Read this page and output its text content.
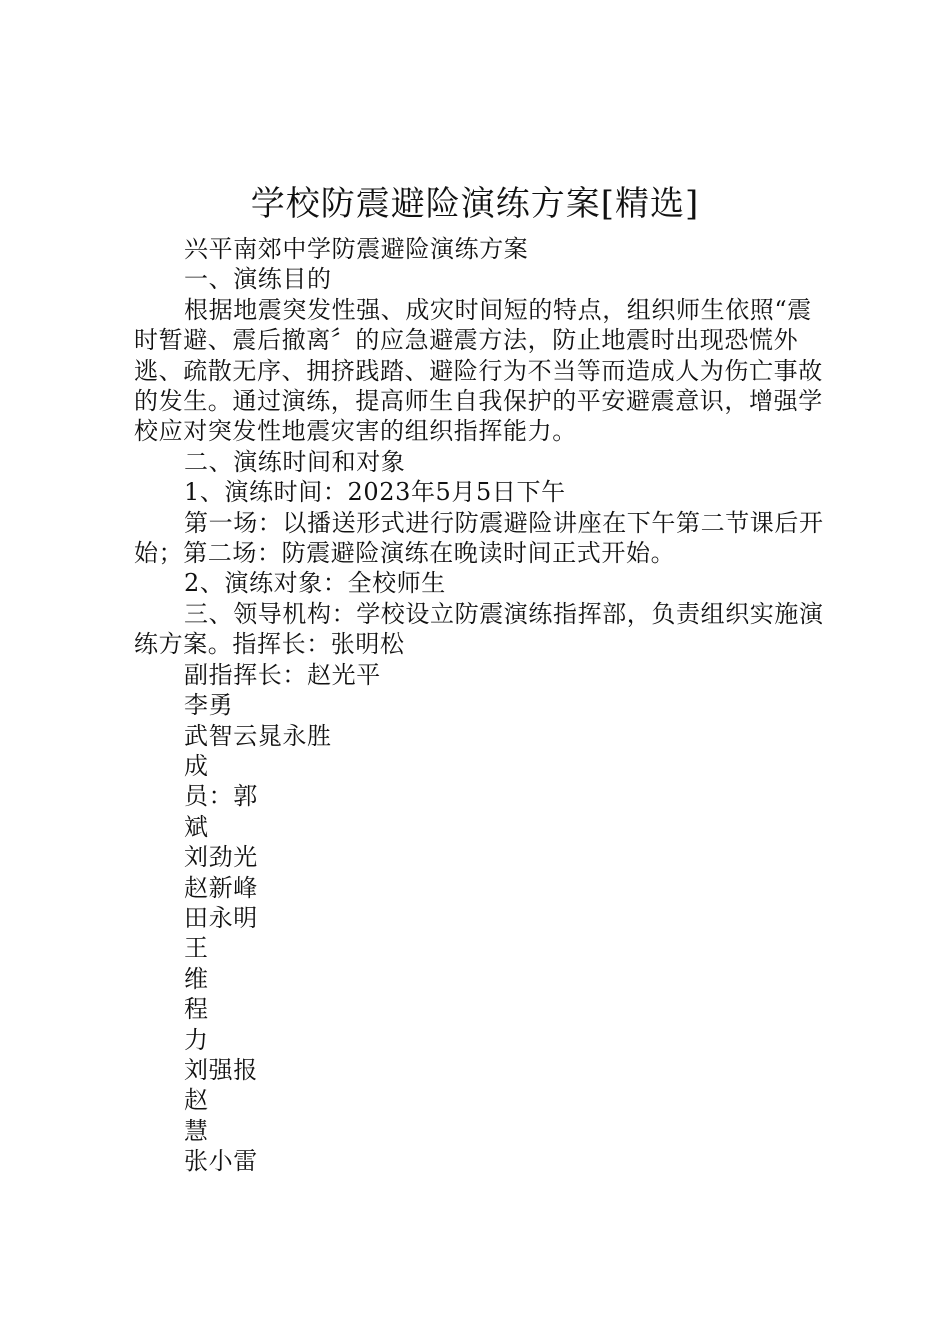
学校防震避险演练方案[精选]

兴平南郊中学防震避险演练方案

一、演练目的

根据地震突发性强、成灾时间短的特点，组织师生依照“震时暂避、震后撤离〞的应急避震方法，防止地震时出现恐慌外逃、疏散无序、拥挤践踏、避险行为不当等而造成人为伤亡事故的发生。通过演练，提高师生自我保护的平安避震意识，增强学校应对突发性地震灾害的组织指挥能力。

二、演练时间和对象

1、演练时间：2023年5月5日下午

第一场：以播送形式进行防震避险讲座在下午第二节课后开始；第二场：防震避险演练在晚读时间正式开始。

2、演练对象：全校师生

三、领导机构：学校设立防震演练指挥部，负责组织实施演练方案。指挥长：张明松

副指挥长：赵光平

李勇

武智云晁永胜

成

员：郭

斌

刘劲光

赵新峰

田永明

王

维

程

力

刘强报

赵

慧

张小雷
